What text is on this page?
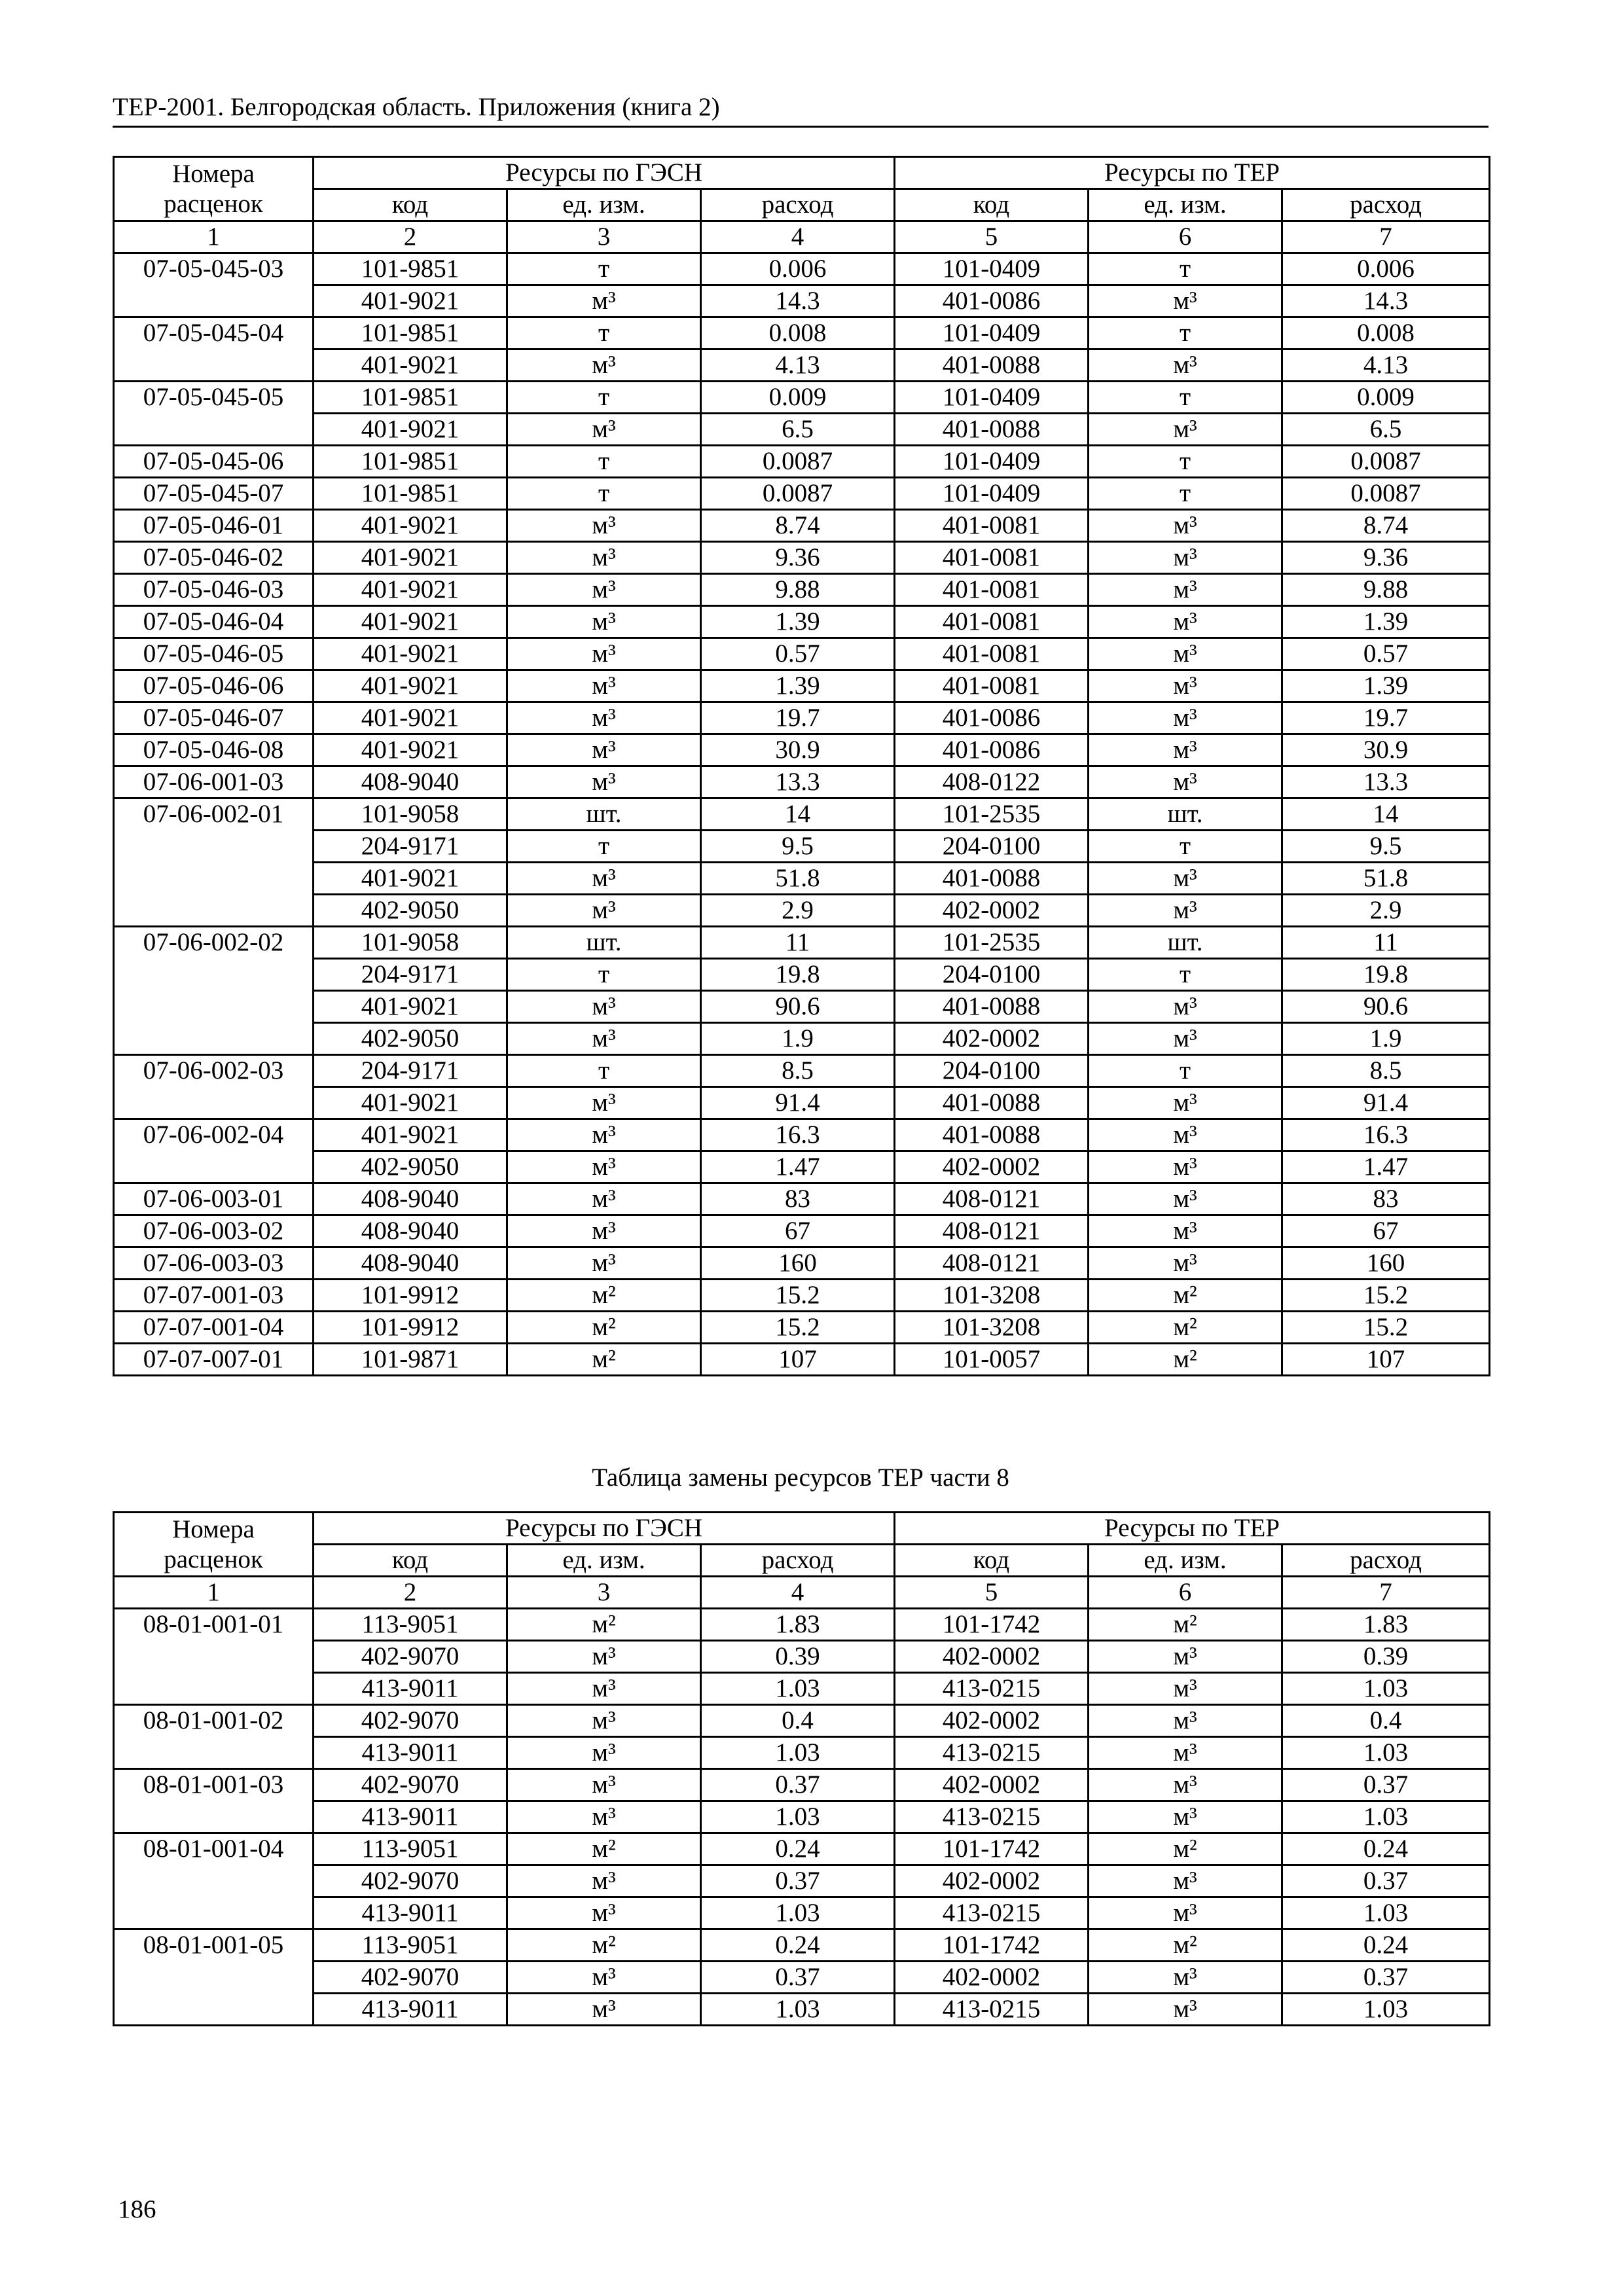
ТЕР-2001. Белгородская область. Приложения (книга 2)
Номера расценок	Ресурсы по ГЭСН			Ресурсы по ТЕР		
	код	ед. изм.	расход	код	ед. изм.	расход
1	2	3	4	5	6	7
07-05-045-03	101-9851	т	0.006	101-0409	т	0.006
	401-9021	м³	14.3	401-0086	м³	14.3
07-05-045-04	101-9851	т	0.008	101-0409	т	0.008
	401-9021	м³	4.13	401-0088	м³	4.13
07-05-045-05	101-9851	т	0.009	101-0409	т	0.009
	401-9021	м³	6.5	401-0088	м³	6.5
07-05-045-06	101-9851	т	0.0087	101-0409	т	0.0087
07-05-045-07	101-9851	т	0.0087	101-0409	т	0.0087
07-05-046-01	401-9021	м³	8.74	401-0081	м³	8.74
07-05-046-02	401-9021	м³	9.36	401-0081	м³	9.36
07-05-046-03	401-9021	м³	9.88	401-0081	м³	9.88
07-05-046-04	401-9021	м³	1.39	401-0081	м³	1.39
07-05-046-05	401-9021	м³	0.57	401-0081	м³	0.57
07-05-046-06	401-9021	м³	1.39	401-0081	м³	1.39
07-05-046-07	401-9021	м³	19.7	401-0086	м³	19.7
07-05-046-08	401-9021	м³	30.9	401-0086	м³	30.9
07-06-001-03	408-9040	м³	13.3	408-0122	м³	13.3
07-06-002-01	101-9058	шт.	14	101-2535	шт.	14
	204-9171	т	9.5	204-0100	т	9.5
	401-9021	м³	51.8	401-0088	м³	51.8
	402-9050	м³	2.9	402-0002	м³	2.9
07-06-002-02	101-9058	шт.	11	101-2535	шт.	11
	204-9171	т	19.8	204-0100	т	19.8
	401-9021	м³	90.6	401-0088	м³	90.6
	402-9050	м³	1.9	402-0002	м³	1.9
07-06-002-03	204-9171	т	8.5	204-0100	т	8.5
	401-9021	м³	91.4	401-0088	м³	91.4
07-06-002-04	401-9021	м³	16.3	401-0088	м³	16.3
	402-9050	м³	1.47	402-0002	м³	1.47
07-06-003-01	408-9040	м³	83	408-0121	м³	83
07-06-003-02	408-9040	м³	67	408-0121	м³	67
07-06-003-03	408-9040	м³	160	408-0121	м³	160
07-07-001-03	101-9912	м²	15.2	101-3208	м²	15.2
07-07-001-04	101-9912	м²	15.2	101-3208	м²	15.2
07-07-007-01	101-9871	м²	107	101-0057	м²	107
Таблица замены ресурсов ТЕР части 8
Номера расценок	Ресурсы по ГЭСН			Ресурсы по ТЕР		
	код	ед. изм.	расход	код	ед. изм.	расход
1	2	3	4	5	6	7
08-01-001-01	113-9051	м²	1.83	101-1742	м²	1.83
	402-9070	м³	0.39	402-0002	м³	0.39
	413-9011	м³	1.03	413-0215	м³	1.03
08-01-001-02	402-9070	м³	0.4	402-0002	м³	0.4
	413-9011	м³	1.03	413-0215	м³	1.03
08-01-001-03	402-9070	м³	0.37	402-0002	м³	0.37
	413-9011	м³	1.03	413-0215	м³	1.03
08-01-001-04	113-9051	м²	0.24	101-1742	м²	0.24
	402-9070	м³	0.37	402-0002	м³	0.37
	413-9011	м³	1.03	413-0215	м³	1.03
08-01-001-05	113-9051	м²	0.24	101-1742	м²	0.24
	402-9070	м³	0.37	402-0002	м³	0.37
	413-9011	м³	1.03	413-0215	м³	1.03
186
